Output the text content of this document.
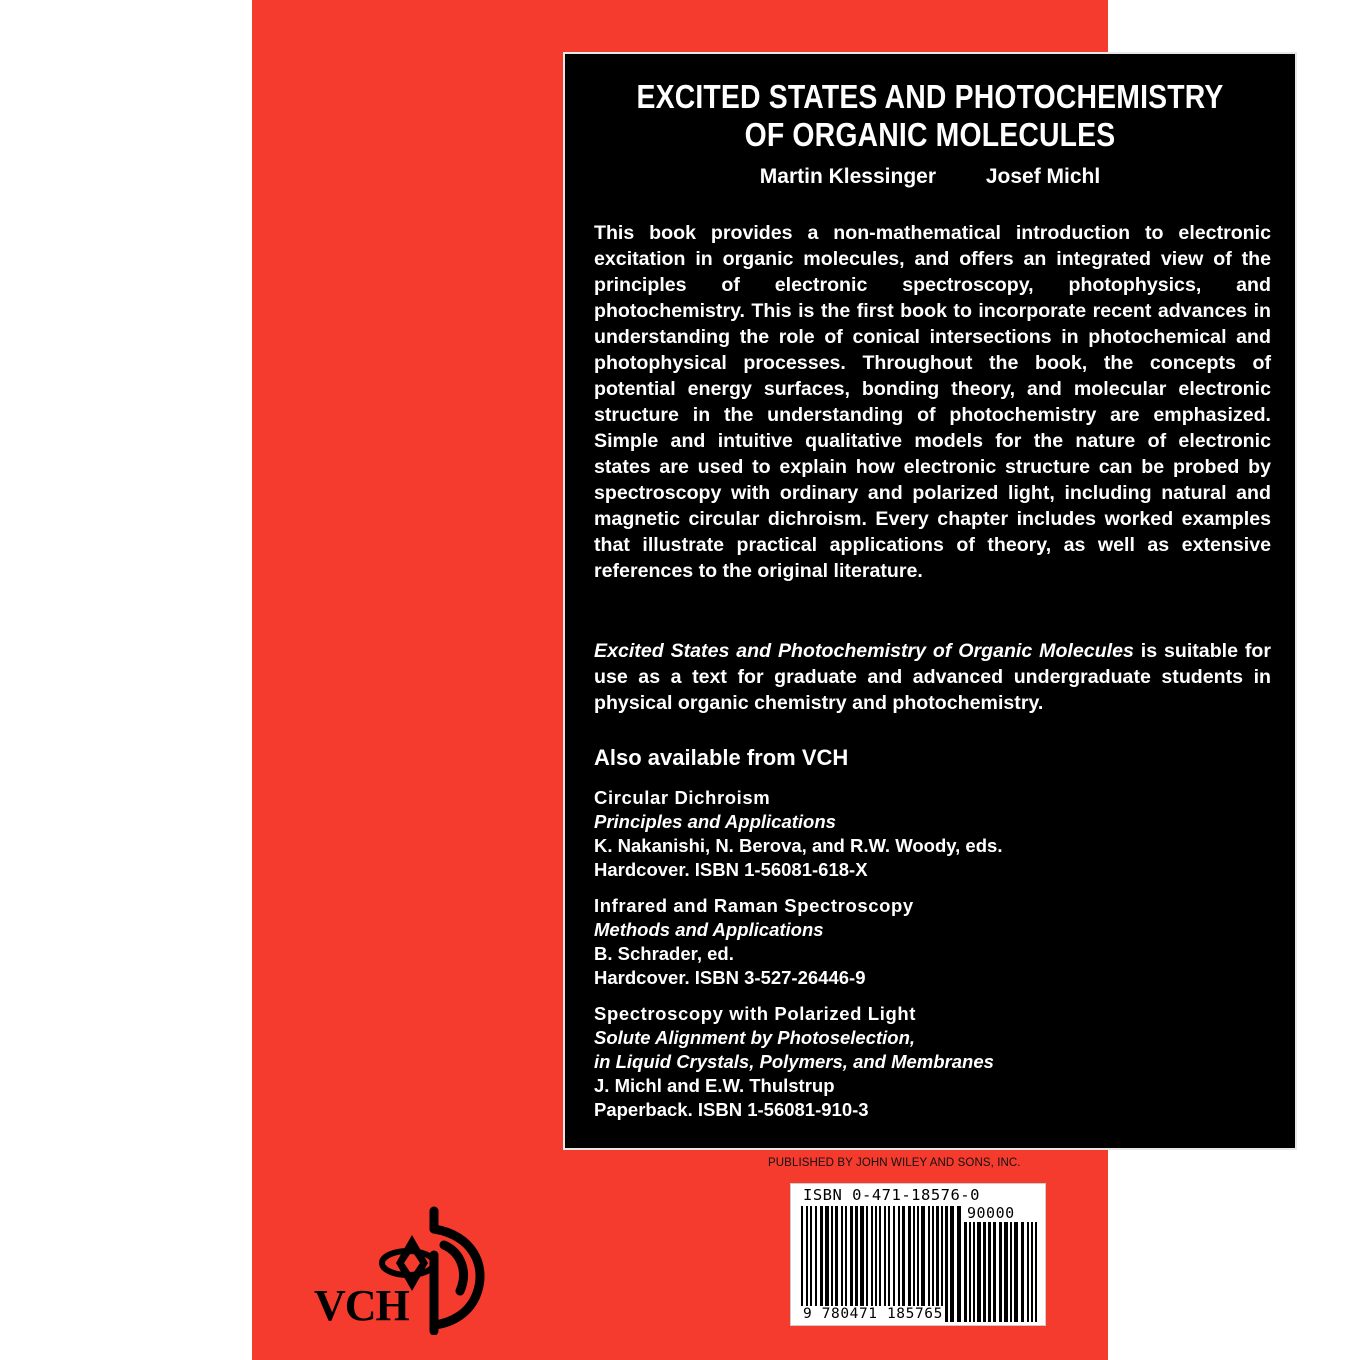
EXCITED STATES AND PHOTOCHEMISTRY
OF ORGANIC MOLECULES
Martin Klessinger Josef Michl

This book provides a non-mathematical introduction to electronic excitation in organic molecules, and offers an integrated view of the principles of electronic spectroscopy, photophysics, and photochemistry. This is the first book to incorporate recent advances in understanding the role of conical intersections in photochemical and photophysical processes. Throughout the book, the concepts of potential energy surfaces, bonding theory, and molecular electronic structure in the understanding of photochemistry are emphasized. Simple and intuitive qualitative models for the nature of electronic states are used to explain how electronic structure can be probed by spectroscopy with ordinary and polarized light, including natural and magnetic circular dichroism. Every chapter includes worked examples that illustrate practical applications of theory, as well as extensive references to the original literature.

Excited States and Photochemistry of Organic Molecules is suitable for use as a text for graduate and advanced undergraduate students in physical organic chemistry and photochemistry.

Also available from VCH
Circular Dichroism
Principles and Applications
K. Nakanishi, N. Berova, and R.W. Woody, eds.
Hardcover. ISBN 1-56081-618-X
Infrared and Raman Spectroscopy
Methods and Applications
B. Schrader, ed.
Hardcover. ISBN 3-527-26446-9
Spectroscopy with Polarized Light
Solute Alignment by Photoselection,
in Liquid Crystals, Polymers, and Membranes
J. Michl and E.W. Thulstrup
Paperback. ISBN 1-56081-910-3
PUBLISHED BY JOHN WILEY AND SONS, INC.
ISBN 0-471-18576-0
90000
9 780471 185765
VCH
